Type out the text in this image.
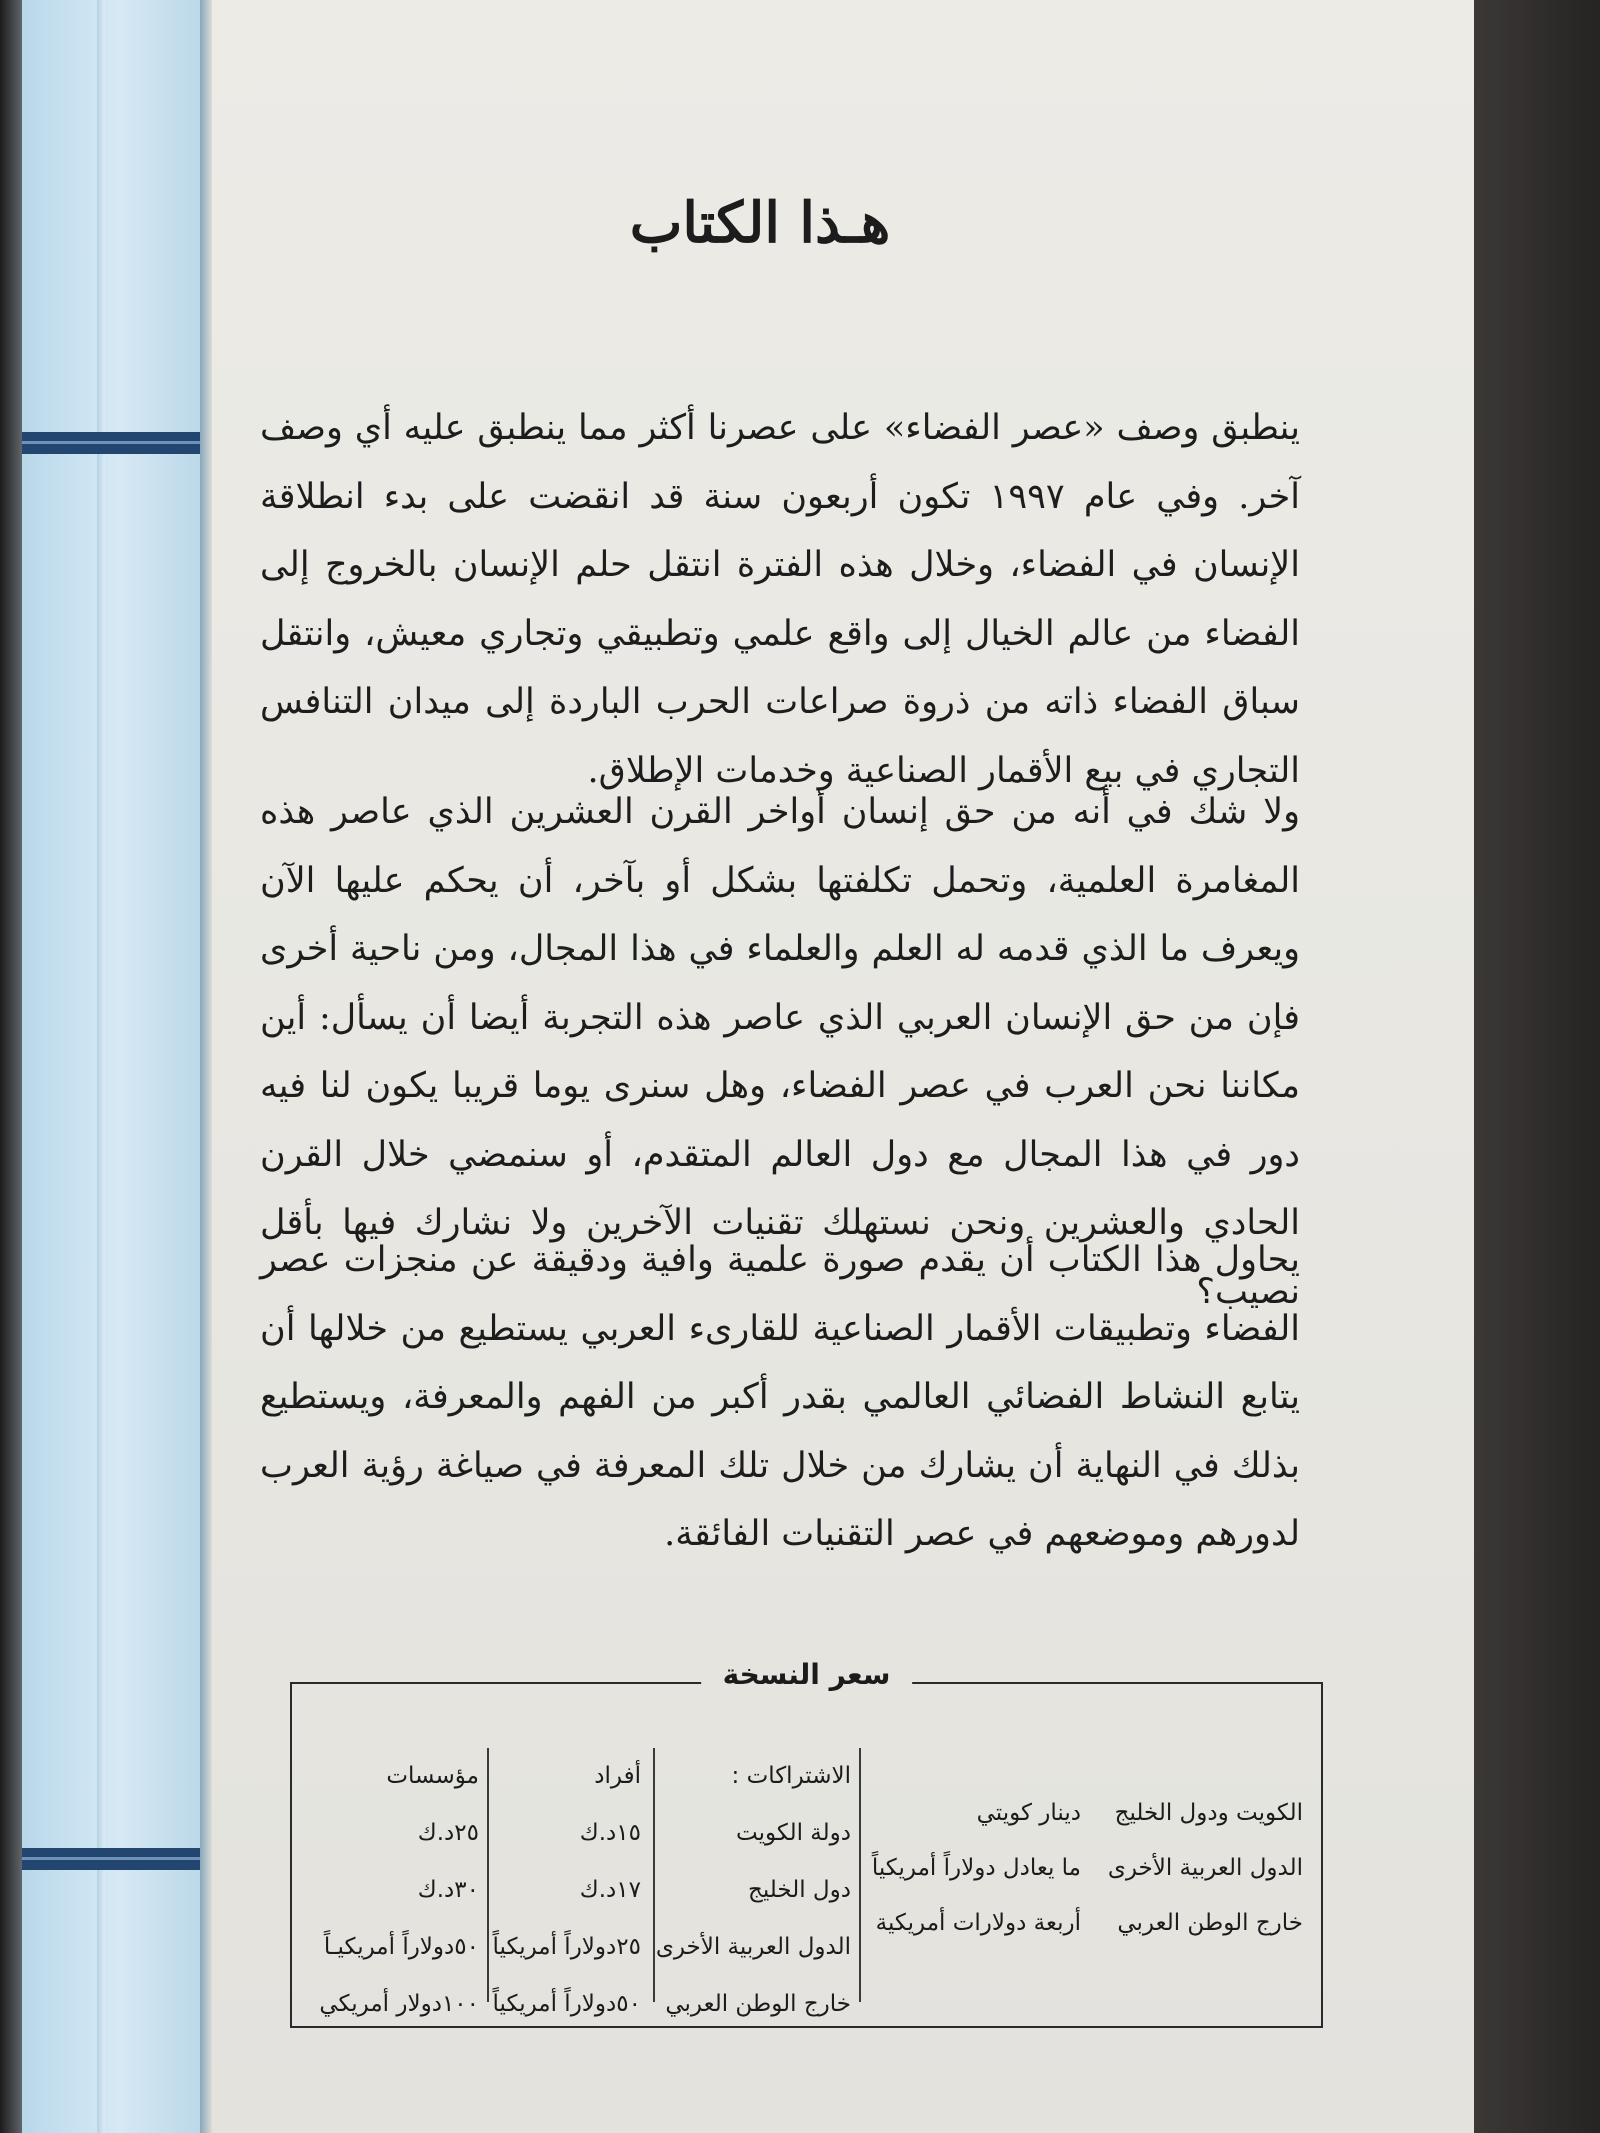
هـذا الكتاب
ينطبق وصف «عصر الفضاء» على عصرنا أكثر مما ينطبق عليه أي وصف آخر. وفي عام ١٩٩٧ تكون أربعون سنة قد انقضت على بدء انطلاقة الإنسان في الفضاء، وخلال هذه الفترة انتقل حلم الإنسان بالخروج إلى الفضاء من عالم الخيال إلى واقع علمي وتطبيقي وتجاري معيش، وانتقل سباق الفضاء ذاته من ذروة صراعات الحرب الباردة إلى ميدان التنافس التجاري في بيع الأقمار الصناعية وخدمات الإطلاق.
ولا شك في أنه من حق إنسان أواخر القرن العشرين الذي عاصر هذه المغامرة العلمية، وتحمل تكلفتها بشكل أو بآخر، أن يحكم عليها الآن ويعرف ما الذي قدمه له العلم والعلماء في هذا المجال، ومن ناحية أخرى فإن من حق الإنسان العربي الذي عاصر هذه التجربة أيضا أن يسأل: أين مكاننا نحن العرب في عصر الفضاء، وهل سنرى يوما قريبا يكون لنا فيه دور في هذا المجال مع دول العالم المتقدم، أو سنمضي خلال القرن الحادي والعشرين ونحن نستهلك تقنيات الآخرين ولا نشارك فيها بأقل نصيب؟
يحاول هذا الكتاب أن يقدم صورة علمية وافية ودقيقة عن منجزات عصر الفضاء وتطبيقات الأقمار الصناعية للقارىء العربي يستطيع من خلالها أن يتابع النشاط الفضائي العالمي بقدر أكبر من الفهم والمعرفة، ويستطيع بذلك في النهاية أن يشارك من خلال تلك المعرفة في صياغة رؤية العرب لدورهم وموضعهم في عصر التقنيات الفائقة.
سعر النسخة
الكويت ودول الخليج
الدول العربية الأخرى
خارج الوطن العربي
دينار كويتي
ما يعادل دولاراً أمريكياً
أربعة دولارات أمريكية
الاشتراكات :
دولة الكويت
دول الخليج
الدول العربية الأخرى
خارج الوطن العربي
أفراد
١٥د.ك
١٧د.ك
٢٥دولاراً أمريكياً
٥٠دولاراً أمريكياً
مؤسسات
٢٥د.ك
٣٠د.ك
٥٠دولاراً أمريكيـاً
١٠٠دولار أمريكي
